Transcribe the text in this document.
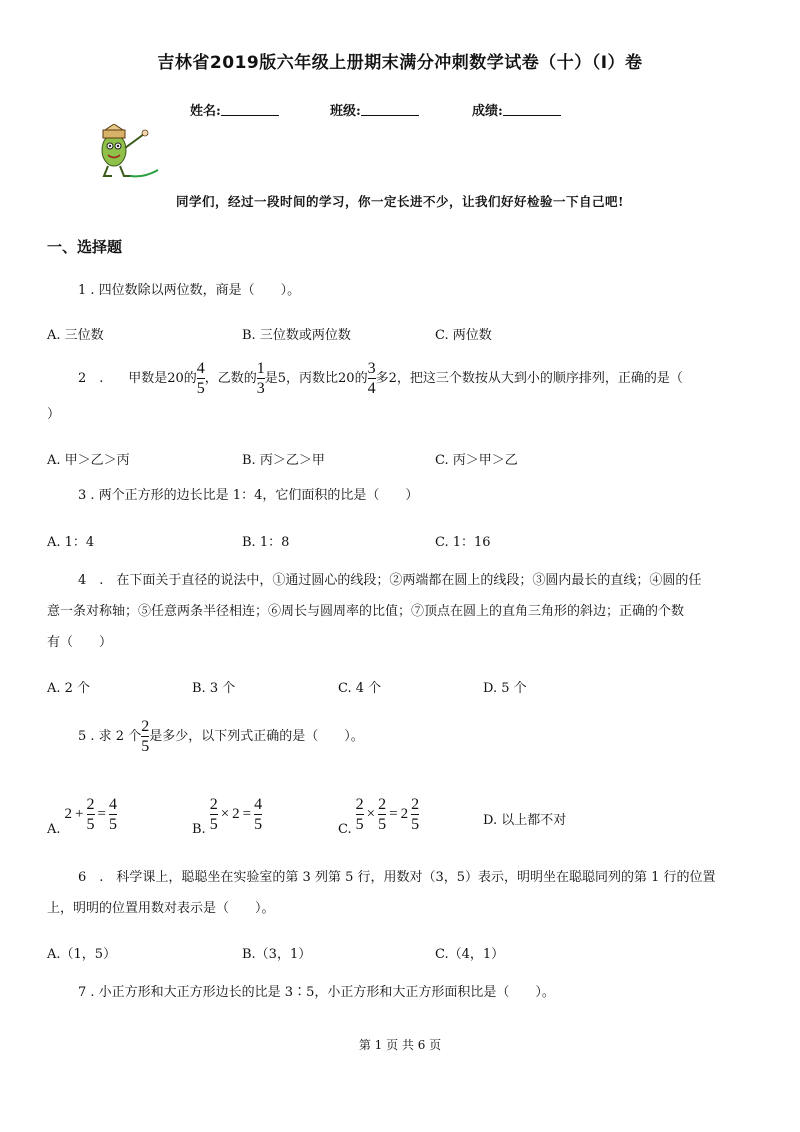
吉林省2019版六年级上册期末满分冲刺数学试卷（十）（I）卷
姓名:	班级:	成绩:
同学们，经过一段时间的学习，你一定长进不少，让我们好好检验一下自己吧!
一、选择题
1 . 四位数除以两位数，商是（　　）。
A. 三位数	B. 三位数或两位数	C. 两位数
2　. 甲数是20的 $\frac{4}{5}$ ，乙数的 $\frac{1}{3}$ 是5，丙数比20的 $\frac{3}{4}$ 多2，把这三个数按从大到小的顺序排列，正确的是（
）
A. 甲＞乙＞丙	B. 丙＞乙＞甲	C. 丙＞甲＞乙
3 . 两个正方形的边长比是 1：4，它们面积的比是（　　）
A. 1：4	B. 1：8	C. 1：16
4　.　在下面关于直径的说法中，①通过圆心的线段；②两端都在圆上的线段；③圆内最长的直线；④圆的任
意一条对称轴；⑤任意两条半径相连；⑥周长与圆周率的比值；⑦顶点在圆上的直角三角形的斜边；正确的个数
有（　　）
A. 2 个	B. 3 个	C. 4 个	D. 5 个
5 . 求 2 个 $\frac{2}{5}$ 是多少，以下列式正确的是（　　）。
A.
$2 + \frac{2}{5} = \frac{4}{5}$	B. $\frac{2}{5} \times 2 = \frac{4}{5}$	C. $\frac{2}{5} \times \frac{2}{5} = 2 \frac{2}{5}$	D. 以上都不对
6　.　科学课上，聪聪坐在实验室的第 3 列第 5 行，用数对（3，5）表示，明明坐在聪聪同列的第 1 行的位置
上，明明的位置用数对表示是（　　）。
A.（1，5）	B.（3，1）	C.（4，1）
7 . 小正方形和大正方形边长的比是 3∶5，小正方形和大正方形面积比是（　　）。
第 1 页 共 6 页
